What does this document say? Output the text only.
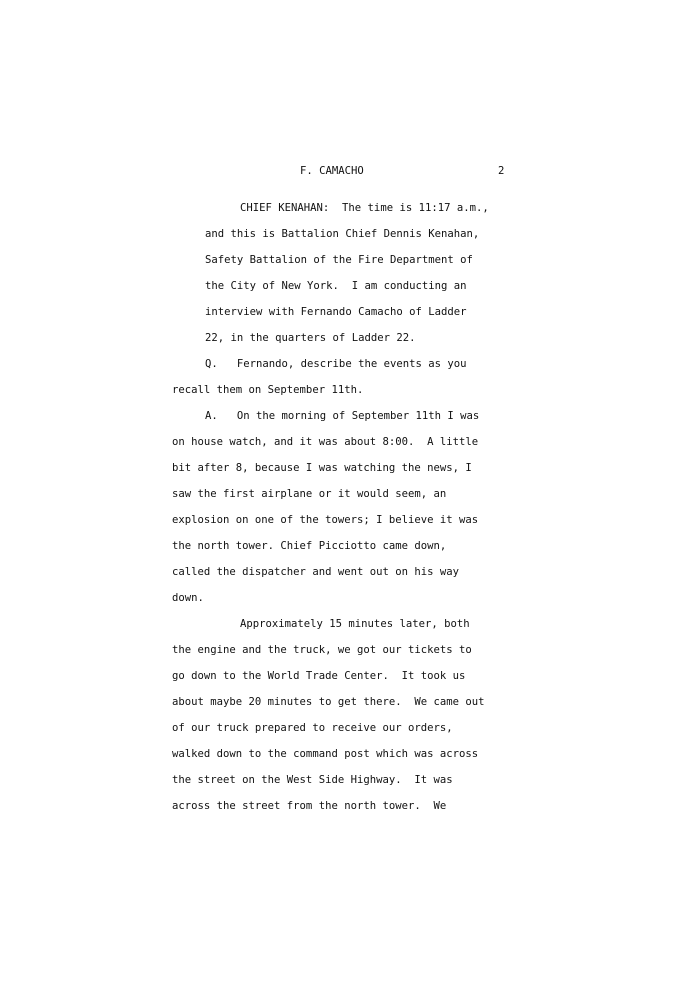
F. CAMACHO	2
CHIEF KENAHAN:  The time is 11:17 a.m.,
and this is Battalion Chief Dennis Kenahan,
Safety Battalion of the Fire Department of
the City of New York.  I am conducting an
interview with Fernando Camacho of Ladder
22, in the quarters of Ladder 22.
Q.   Fernando, describe the events as you
recall them on September 11th.
A.   On the morning of September 11th I was
on house watch, and it was about 8:00.  A little
bit after 8, because I was watching the news, I
saw the first airplane or it would seem, an
explosion on one of the towers; I believe it was
the north tower. Chief Picciotto came down,
called the dispatcher and went out on his way
down.
Approximately 15 minutes later, both
the engine and the truck, we got our tickets to
go down to the World Trade Center.  It took us
about maybe 20 minutes to get there.  We came out
of our truck prepared to receive our orders,
walked down to the command post which was across
the street on the West Side Highway.  It was
across the street from the north tower.  We
